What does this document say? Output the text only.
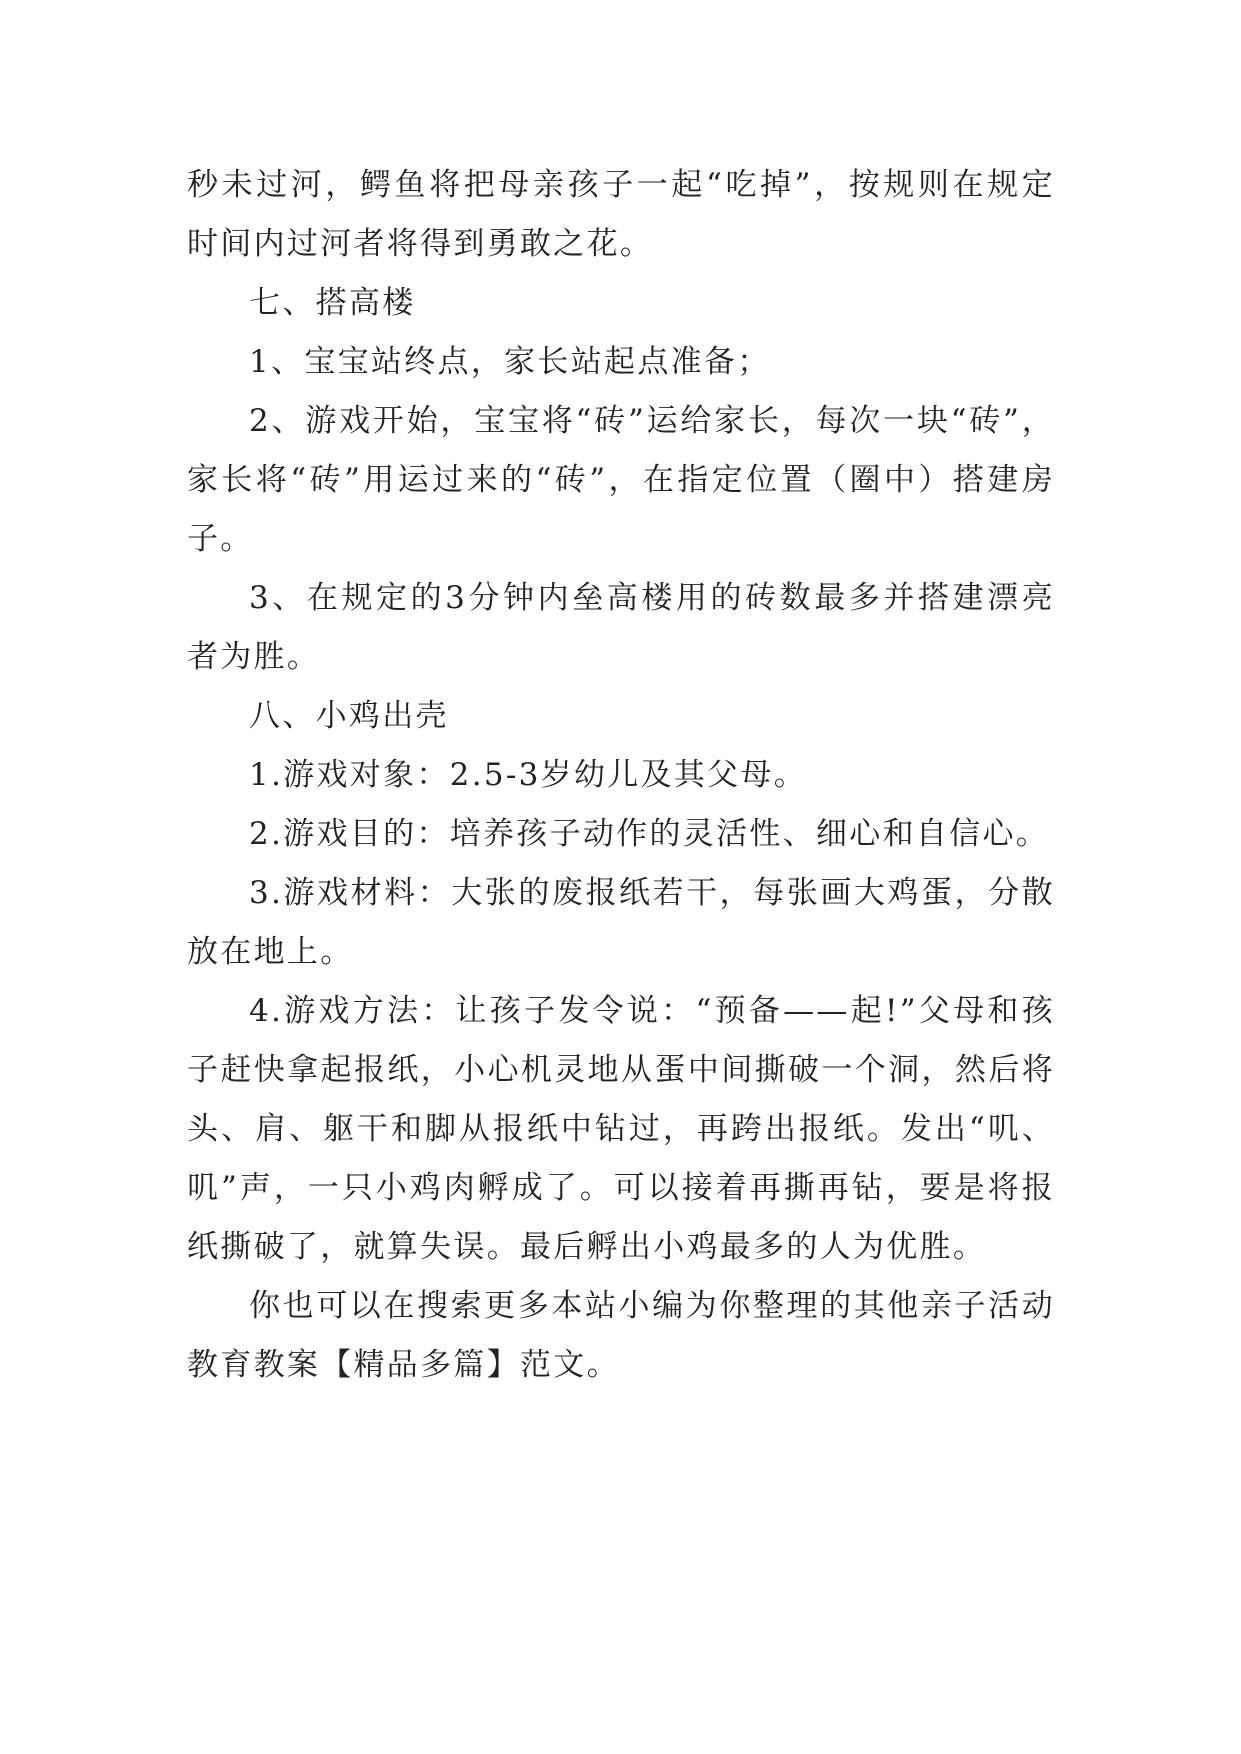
秒未过河，鳄鱼将把母亲孩子一起“吃掉”，按规则在规定时间内过河者将得到勇敢之花。

七、搭高楼

1、宝宝站终点，家长站起点准备；

2、游戏开始，宝宝将“砖”运给家长，每次一块“砖”，家长将“砖”用运过来的“砖”，在指定位置（圈中）搭建房子。

3、在规定的3分钟内垒高楼用的砖数最多并搭建漂亮者为胜。

八、小鸡出壳

1.游戏对象：2.5-3岁幼儿及其父母。

2.游戏目的：培养孩子动作的灵活性、细心和自信心。

3.游戏材料：大张的废报纸若干，每张画大鸡蛋，分散放在地上。

4.游戏方法：让孩子发令说：“预备——起!”父母和孩子赶快拿起报纸，小心机灵地从蛋中间撕破一个洞，然后将头、肩、躯干和脚从报纸中钻过，再跨出报纸。发出“叽、叽”声，一只小鸡肉孵成了。可以接着再撕再钻，要是将报纸撕破了，就算失误。最后孵出小鸡最多的人为优胜。

你也可以在搜索更多本站小编为你整理的其他亲子活动教育教案【精品多篇】范文。
